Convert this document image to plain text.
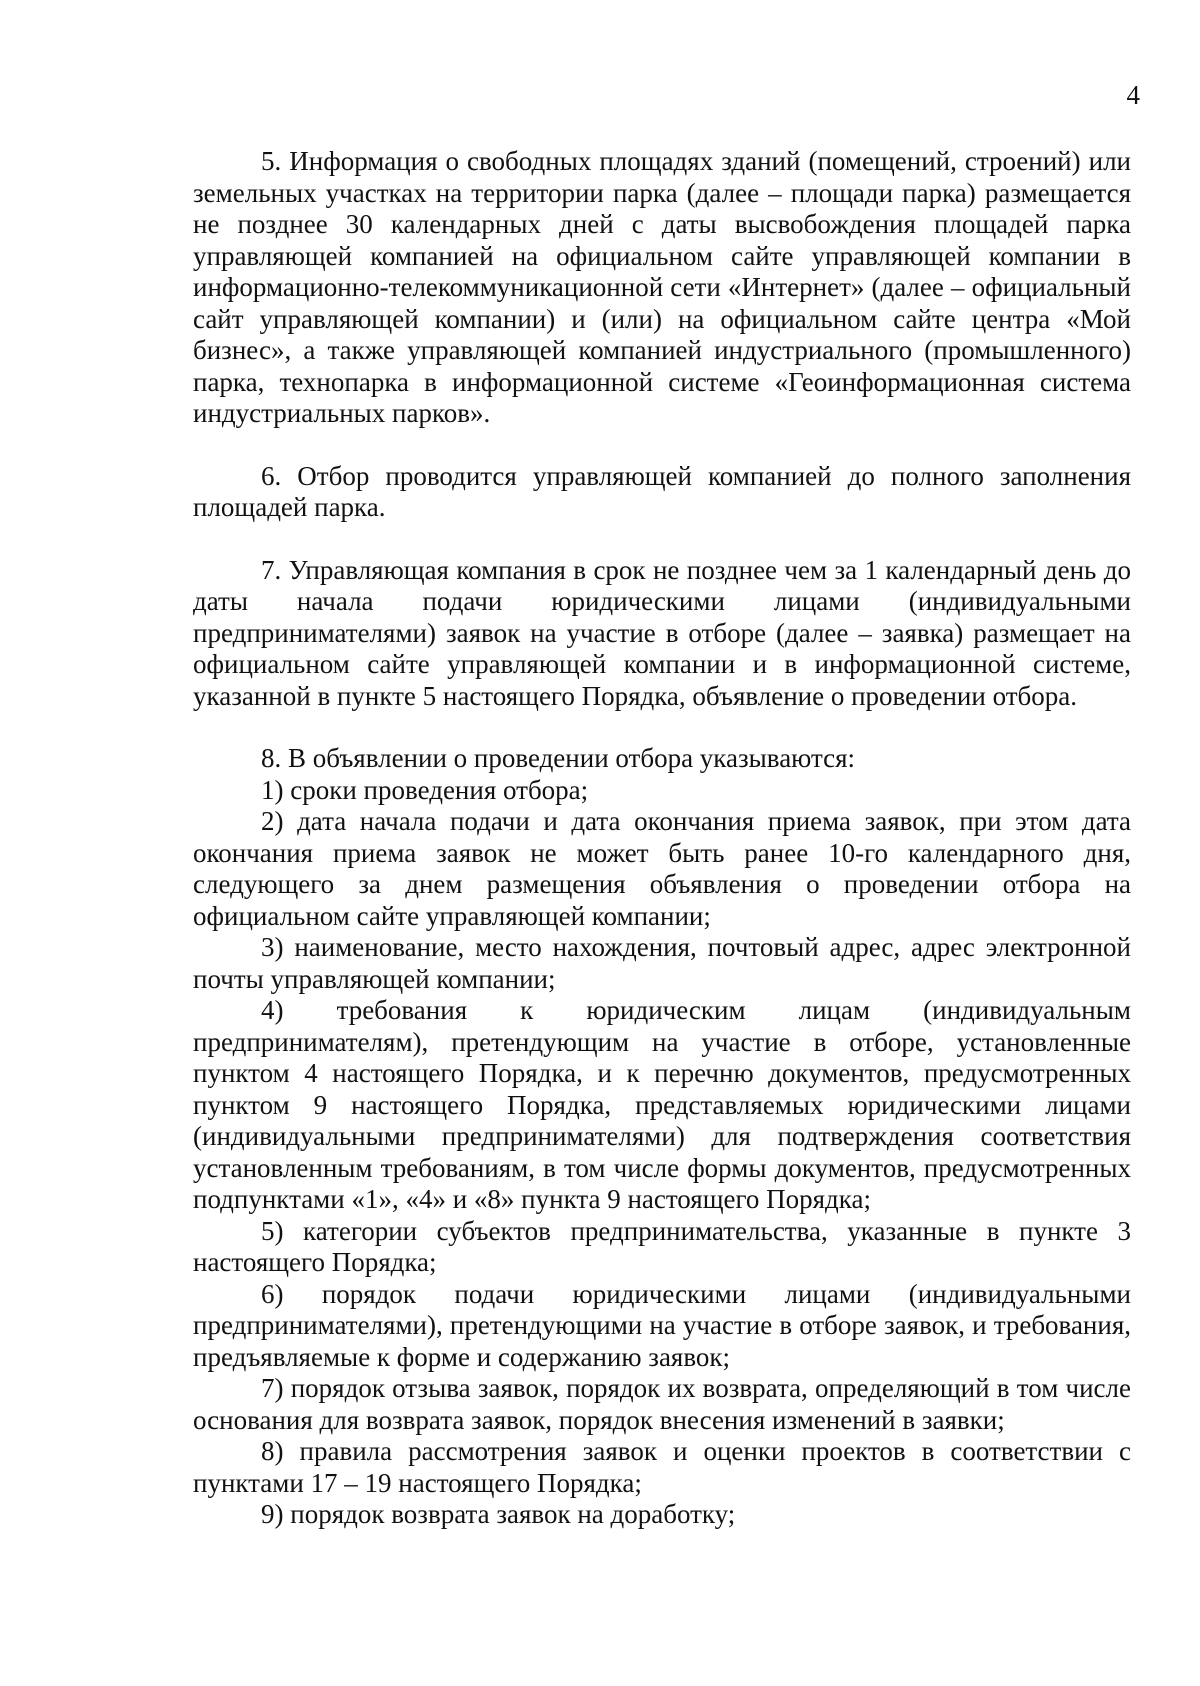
4

5. Информация о свободных площадях зданий (помещений, строений) или земельных участках на территории парка (далее – площади парка) размещается не позднее 30 календарных дней с даты высвобождения площадей парка управляющей компанией на официальном сайте управляющей компании в информационно-телекоммуникационной сети «Интернет» (далее – официальный сайт управляющей компании) и (или) на официальном сайте центра «Мой бизнес», а также управляющей компанией индустриального (промышленного) парка, технопарка в информационной системе «Геоинформационная система индустриальных парков».

6. Отбор проводится управляющей компанией до полного заполнения площадей парка.

7. Управляющая компания в срок не позднее чем за 1 календарный день до даты начала подачи юридическими лицами (индивидуальными предпринимателями) заявок на участие в отборе (далее – заявка) размещает на официальном сайте управляющей компании и в информационной системе, указанной в пункте 5 настоящего Порядка, объявление о проведении отбора.

8. В объявлении о проведении отбора указываются:

1) сроки проведения отбора;

2) дата начала подачи и дата окончания приема заявок, при этом дата окончания приема заявок не может быть ранее 10-го календарного дня, следующего за днем размещения объявления о проведении отбора на официальном сайте управляющей компании;

3) наименование, место нахождения, почтовый адрес, адрес электронной почты управляющей компании;

4) требования к юридическим лицам (индивидуальным предпринимателям), претендующим на участие в отборе, установленные пунктом 4 настоящего Порядка, и к перечню документов, предусмотренных пунктом 9 настоящего Порядка, представляемых юридическими лицами (индивидуальными предпринимателями) для подтверждения соответствия установленным требованиям, в том числе формы документов, предусмотренных подпунктами «1», «4» и «8» пункта 9 настоящего Порядка;

5) категории субъектов предпринимательства, указанные в пункте 3 настоящего Порядка;

6) порядок подачи юридическими лицами (индивидуальными предпринимателями), претендующими на участие в отборе заявок, и требования, предъявляемые к форме и содержанию заявок;

7) порядок отзыва заявок, порядок их возврата, определяющий в том числе основания для возврата заявок, порядок внесения изменений в заявки;

8) правила рассмотрения заявок и оценки проектов в соответствии с пунктами 17 – 19 настоящего Порядка;

9) порядок возврата заявок на доработку;
